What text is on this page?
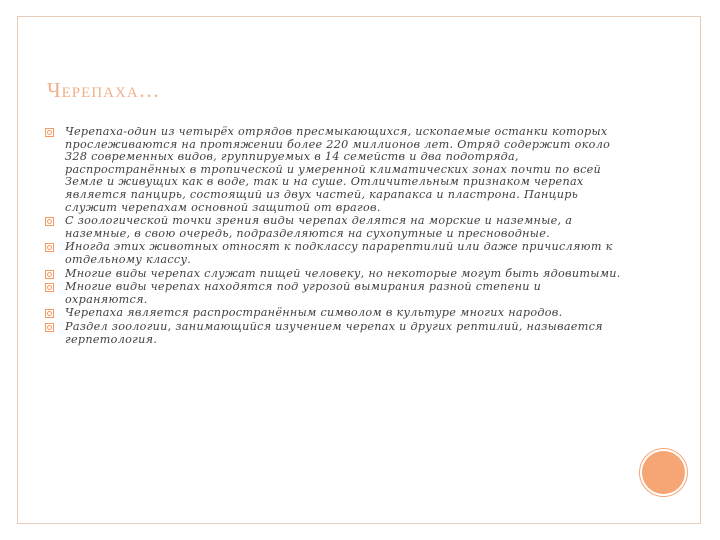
Черепаха…
Черепаха-один из четырёх отрядов пресмыкающихся, ископаемые останки которых прослеживаются на протяжении более 220 миллионов лет. Отряд содержит около 328 современных видов, группируемых в 14 семейств и два подотряда, распространённых в тропической и умеренной климатических зонах почти по всей Земле и живущих как в воде, так и на суше. Отличительным признаком черепах является панцирь, состоящий из двух частей, карапакса и пластрона. Панцирь служит черепахам основной защитой от врагов.
С зоологической точки зрения виды черепах делятся на морские и наземные, а наземные, в свою очередь, подразделяются на сухопутные и пресноводные.
Иногда этих животных относят к подклассу парарептилий или даже причисляют к отдельному классу.
Многие виды черепах служат пищей человеку, но некоторые могут быть ядовитыми.
Многие виды черепах находятся под угрозой вымирания разной степени и охраняются.
Черепаха является распространённым символом в культуре многих народов.
Раздел зоологии, занимающийся изучением черепах и других рептилий, называется герпетология.
